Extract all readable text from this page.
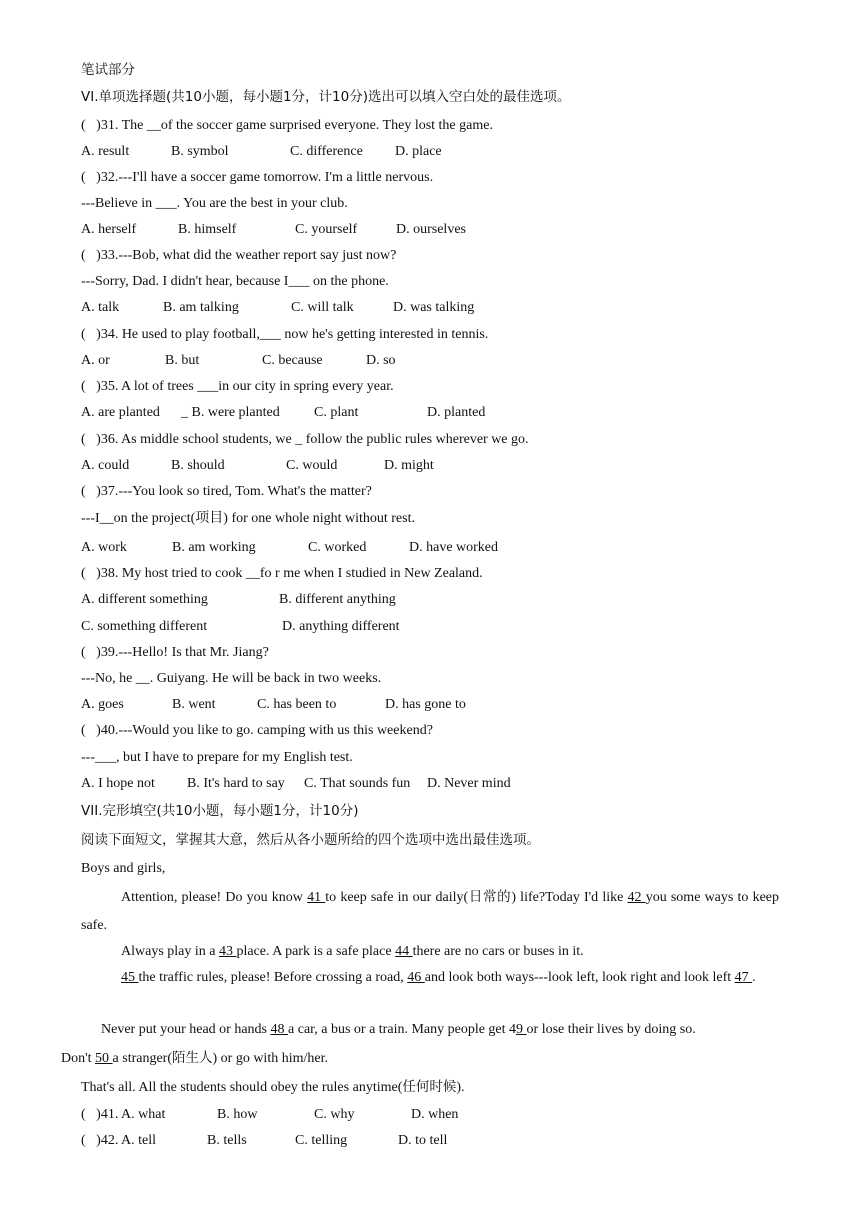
笔试部分
VI.单项选择题(共10小题，每小题1分，计10分)选出可以填入空白处的最佳选项。
(   )31. The __of the soccer game surprised everyone. They lost the game.
A. result	B. symbol	C. difference D. place
(   )32.---I'll have a soccer game tomorrow. I'm a little nervous.
---Believe in ___. You are the best in your club.
A. herself	B. himself	C. yourself	D. ourselves
(   )33.---Bob, what did the weather report say just now?
---Sorry, Dad. I didn't hear, because I___ on the phone.
A. talk	B. am talking	C. will talk	D. was talking
(   )34. He used to play football,___ now he's getting interested in tennis.
A. or	B. but	C. because	D. so
(   )35. A lot of trees ___in our city in spring every year.
A. are planted _ B. were planted C. plant	D. planted
(   )36. As middle school students, we _ follow the public rules wherever we go.
A. could	B. should	C. would	D. might
(   )37.---You look so tired, Tom. What's the matter?
---I__on the project(项目) for one whole night without rest.
A. work	B. am working	C. worked	D. have worked
(   )38. My host tried to cook __fo r me when I studied in New Zealand.
A. different something	B. different anything
C. something different	D. anything different
(   )39.---Hello! Is that Mr. Jiang?
---No, he __. Guiyang. He will be back in two weeks.
A. goes	B. went	C. has been to	D. has gone to
(   )40.---Would you like to go. camping with us this weekend?
---___, but I have to prepare for my English test.
A. I hope not B. It's hard to say C. That sounds fun D. Never mind
VII.完形填空(共10小题，每小题1分，计10分)
阅读下面短文，掌握其大意，然后从各小题所给的四个选项中选出最佳选项。
Boys and girls,
Attention, please! Do you know 41 to keep safe in our daily(日常的) life?Today I'd like 42 you some ways to keep safe.
Always play in a 43 place. A park is a safe place 44 there are no cars or buses in it.
45 the traffic rules, please! Before crossing a road, 46 and look both ways---look left, look right and look left 47 .
Never put your head or hands 48 a car, a bus or a train. Many people get 49 or lose their lives by doing so.
Don't 50 a stranger(陌生人) or go with him/her.
That's all. All the students should obey the rules anytime(任何时候).
(   )41. A. what	B. how	C. why	D. when
(   )42. A. tell	B. tells	C. telling	D. to tell
